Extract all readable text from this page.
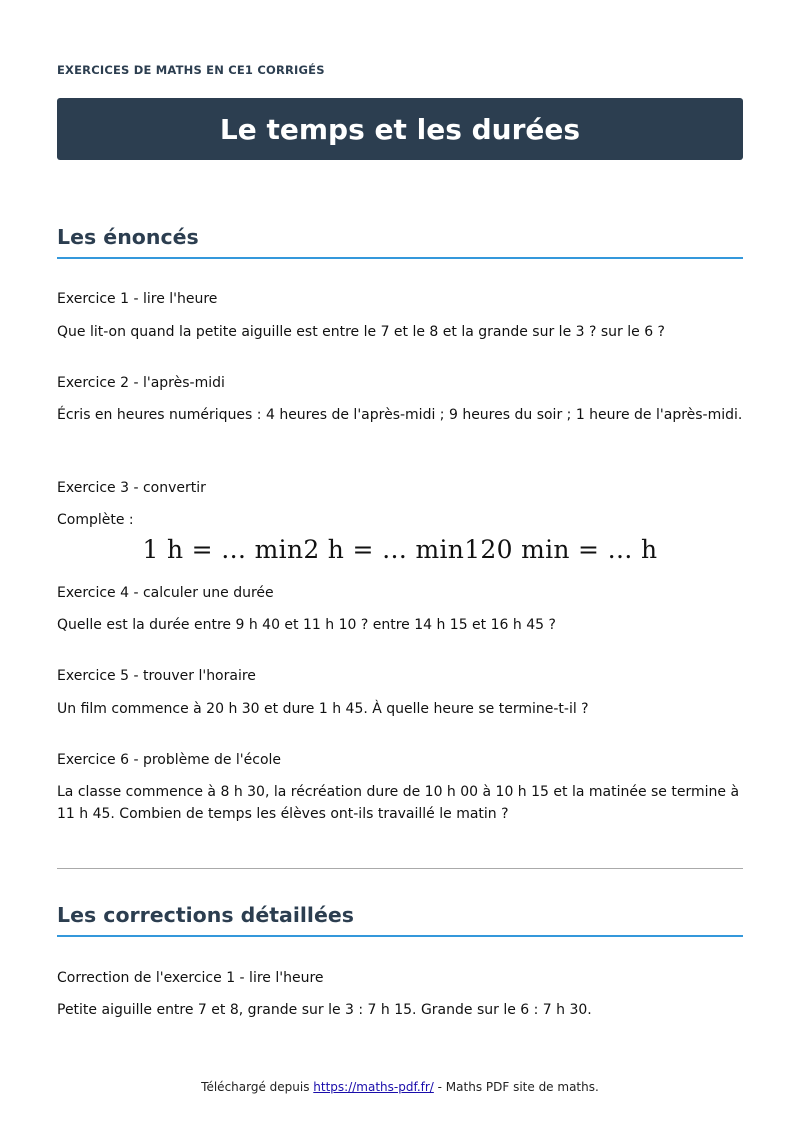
EXERCICES DE MATHS EN CE1 CORRIGÉS
Le temps et les durées
Les énoncés
Exercice 1 - lire l'heure
Que lit-on quand la petite aiguille est entre le 7 et le 8 et la grande sur le 3 ? sur le 6 ?
Exercice 2 - l'après-midi
Écris en heures numériques : 4 heures de l'après-midi ; 9 heures du soir ; 1 heure de l'après-midi.
Exercice 3 - convertir
Complète :
1 h = … min2 h = … min120 min = … h
Exercice 4 - calculer une durée
Quelle est la durée entre 9 h 40 et 11 h 10 ? entre 14 h 15 et 16 h 45 ?
Exercice 5 - trouver l'horaire
Un film commence à 20 h 30 et dure 1 h 45. À quelle heure se termine-t-il ?
Exercice 6 - problème de l'école
La classe commence à 8 h 30, la récréation dure de 10 h 00 à 10 h 15 et la matinée se termine à 11 h 45. Combien de temps les élèves ont-ils travaillé le matin ?
Les corrections détaillées
Correction de l'exercice 1 - lire l'heure
Petite aiguille entre 7 et 8, grande sur le 3 : 7 h 15. Grande sur le 6 : 7 h 30.
Téléchargé depuis https://maths-pdf.fr/ - Maths PDF site de maths.
